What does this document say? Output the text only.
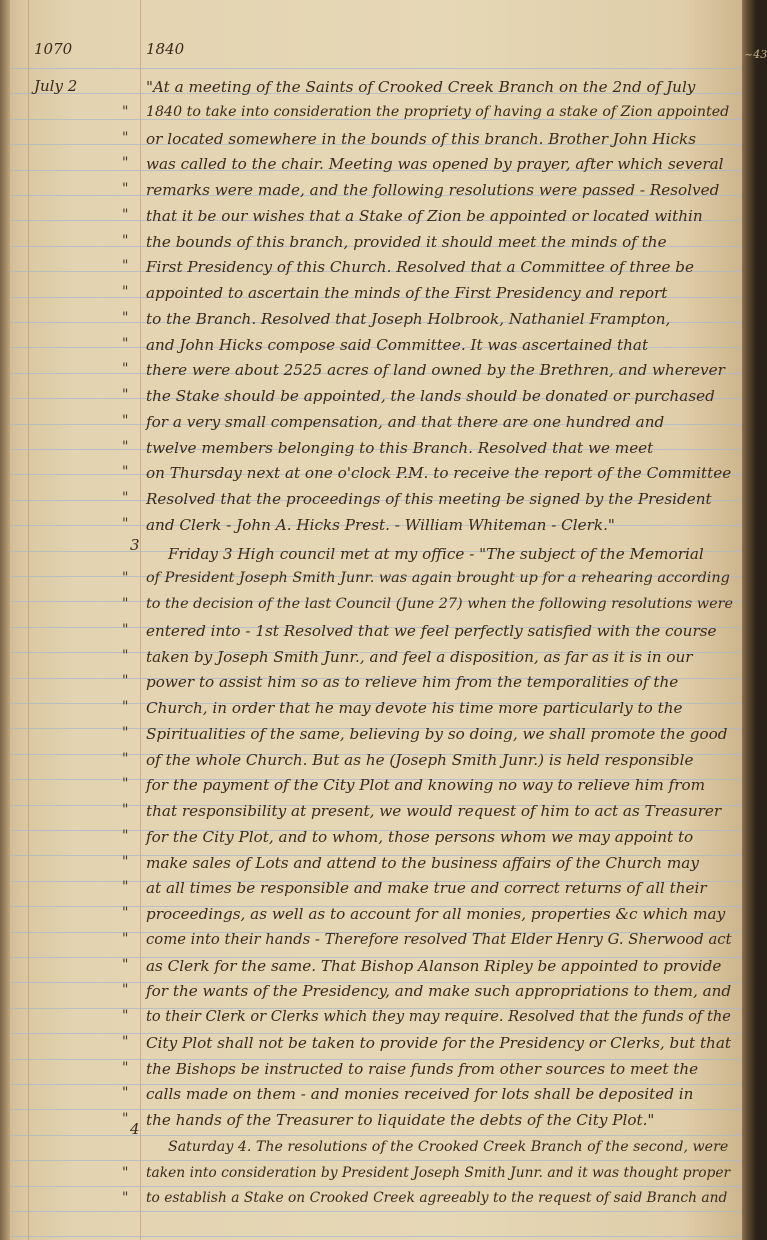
1070	1840	~43
July 2
3
4
"
"
"
"
"
"
"
"
"
"
"
"
"
"
"
"
"
"
"
"
"
"
"
"
"
"
"
"
"
"
"
"
"
"
"
"
"
"
"
"
"
"At a meeting of the Saints of Crooked Creek Branch on the 2nd of July
1840 to take into consideration the propriety of having a stake of Zion appointed
or located somewhere in the bounds of this branch. Brother John Hicks
was called to the chair. Meeting was opened by prayer, after which several
remarks were made, and the following resolutions were passed - Resolved
that it be our wishes that a Stake of Zion be appointed or located within
the bounds of this branch, provided it should meet the minds of the
First Presidency of this Church. Resolved that a Committee of three be
appointed to ascertain the minds of the First Presidency and report
to the Branch. Resolved that Joseph Holbrook, Nathaniel Frampton,
and John Hicks compose said Committee. It was ascertained that
there were about 2525 acres of land owned by the Brethren, and wherever
the Stake should be appointed, the lands should be donated or purchased
for a very small compensation, and that there are one hundred and
twelve members belonging to this Branch. Resolved that we meet
on Thursday next at one o'clock P.M. to receive the report of the Committee
Resolved that the proceedings of this meeting be signed by the President
and Clerk - John A. Hicks Prest. - William Whiteman - Clerk."
Friday 3 High council met at my office - "The subject of the Memorial
of President Joseph Smith Junr. was again brought up for a rehearing according
to the decision of the last Council (June 27) when the following resolutions were
entered into - 1st Resolved that we feel perfectly satisfied with the course
taken by Joseph Smith Junr., and feel a disposition, as far as it is in our
power to assist him so as to relieve him from the temporalities of the
Church, in order that he may devote his time more particularly to the
Spiritualities of the same, believing by so doing, we shall promote the good
of the whole Church. But as he (Joseph Smith Junr.) is held responsible
for the payment of the City Plot and knowing no way to relieve him from
that responsibility at present, we would request of him to act as Treasurer
for the City Plot, and to whom, those persons whom we may appoint to
make sales of Lots and attend to the business affairs of the Church may
at all times be responsible and make true and correct returns of all their
proceedings, as well as to account for all monies, properties &c which may
come into their hands - Therefore resolved That Elder Henry G. Sherwood act
as Clerk for the same. That Bishop Alanson Ripley be appointed to provide
for the wants of the Presidency, and make such appropriations to them, and
to their Clerk or Clerks which they may require. Resolved that the funds of the
City Plot shall not be taken to provide for the Presidency or Clerks, but that
the Bishops be instructed to raise funds from other sources to meet the
calls made on them - and monies received for lots shall be deposited in
the hands of the Treasurer to liquidate the debts of the City Plot."
Saturday 4. The resolutions of the Crooked Creek Branch of the second, were
taken into consideration by President Joseph Smith Junr. and it was thought proper
to establish a Stake on Crooked Creek agreeably to the request of said Branch and
